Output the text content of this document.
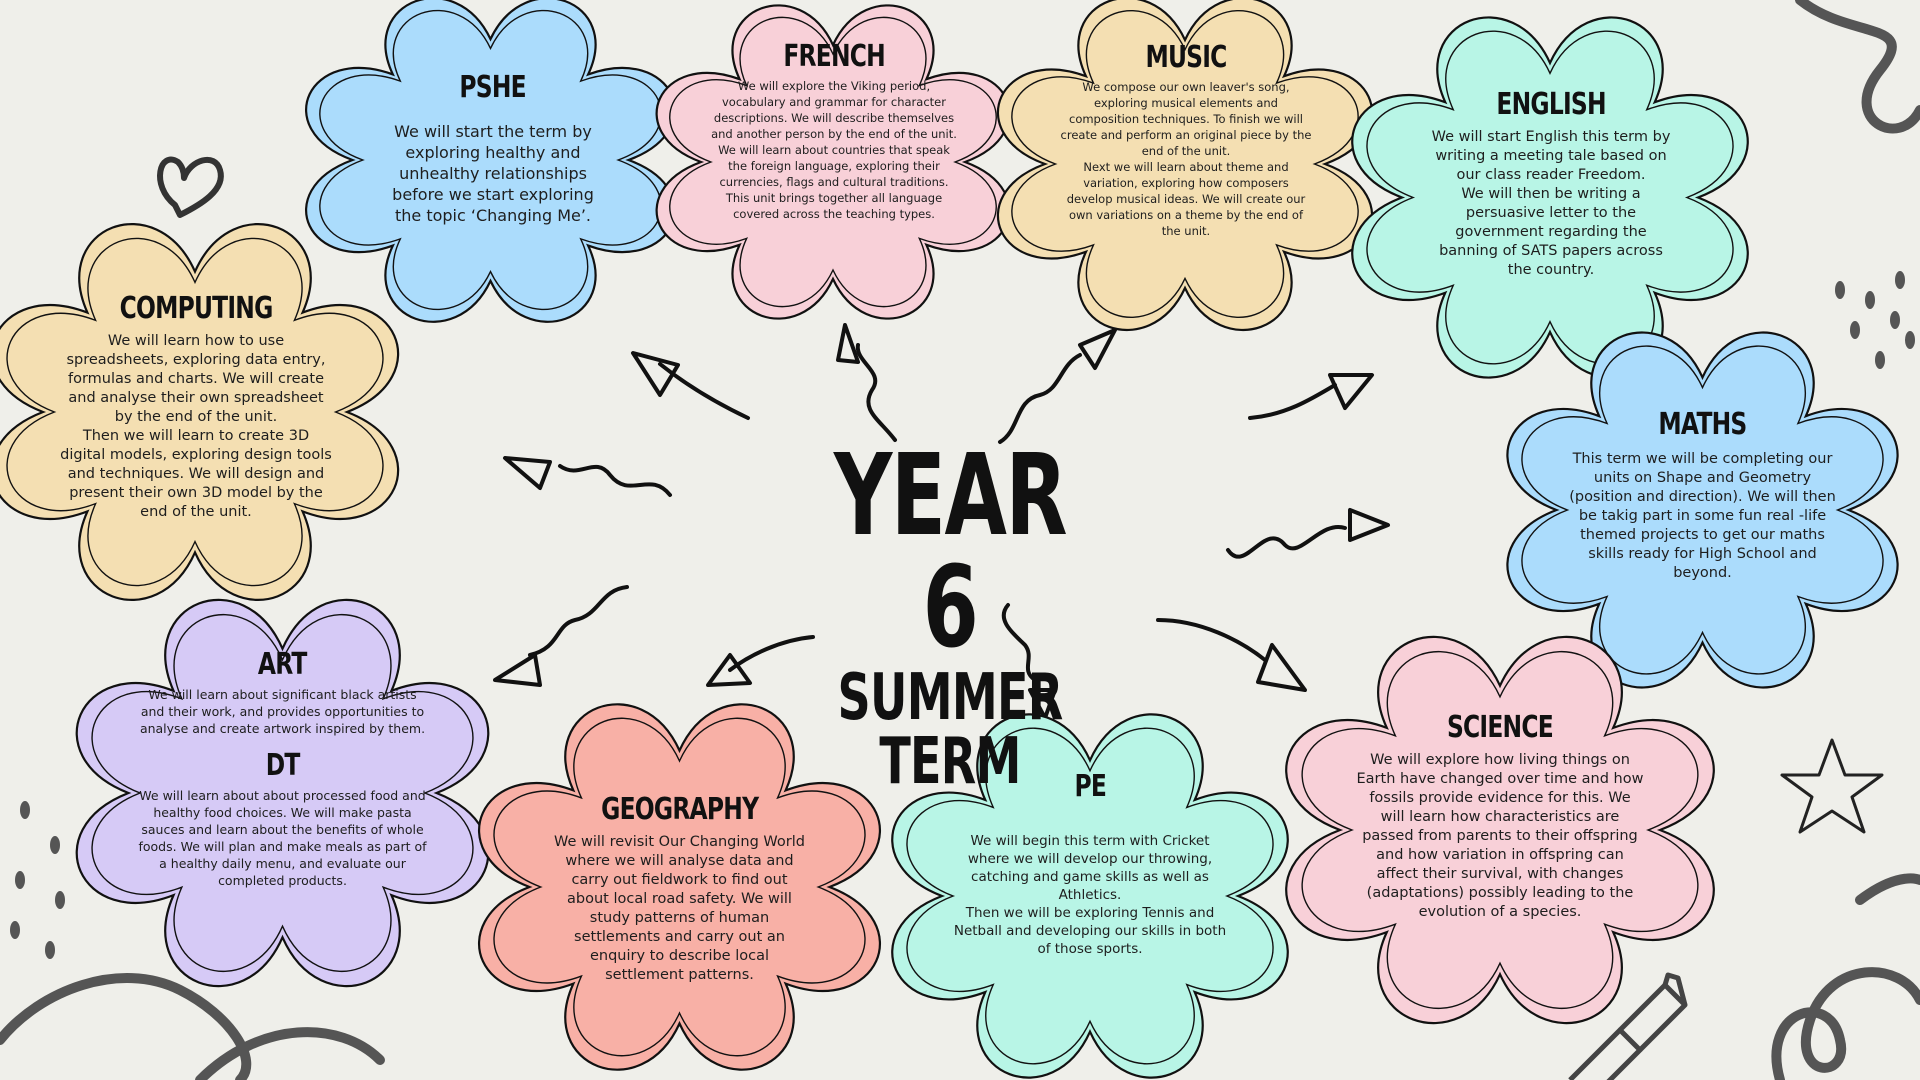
PSHE
We will start the term by
exploring healthy and
unhealthy relationships
before we start exploring
the topic ‘Changing Me’.
FRENCH
We will explore the Viking period,
vocabulary and grammar for character
descriptions. We will describe themselves
and another person by the end of the unit.
We will learn about countries that speak
the foreign language, exploring their
currencies, flags and cultural traditions.
This unit brings together all language
covered across the teaching types.
MUSIC
We compose our own leaver's song,
exploring musical elements and
composition techniques. To finish we will
create and perform an original piece by the
end of the unit.
Next we will learn about theme and
variation, exploring how composers
develop musical ideas. We will create our
own variations on a theme by the end of
the unit.
ENGLISH
We will start English this term by
writing a meeting tale based on
our class reader Freedom.
We will then be writing a
persuasive letter to the
government regarding the
banning of SATS papers across
the country.
COMPUTING
We will learn how to use
spreadsheets, exploring data entry,
formulas and charts. We will create
and analyse their own spreadsheet
by the end of the unit.
Then we will learn to create 3D
digital models, exploring design tools
and techniques. We will design and
present their own 3D model by the
end of the unit.
MATHS
This term we will be completing our
units on Shape and Geometry
(position and direction). We will then
be takig part in some fun real -life
themed projects to get our maths
skills ready for High School and
beyond.
ART
We will learn about significant black artists
and their work, and provides opportunities to
analyse and create artwork inspired by them.
DT
We will learn about about processed food and
healthy food choices. We will make pasta
sauces and learn about the benefits of whole
foods. We will plan and make meals as part of
a healthy daily menu, and evaluate our
completed products.
GEOGRAPHY
We will revisit Our Changing World
where we will analyse data and
carry out fieldwork to find out
about local road safety. We will
study patterns of human
settlements and carry out an
enquiry to describe local
settlement patterns.
PE
We will begin this term with Cricket
where we will develop our throwing,
catching and game skills as well as
Athletics.
Then we will be exploring Tennis and
Netball and developing our skills in both
of those sports.
SCIENCE
We will explore how living things on
Earth have changed over time and how
fossils provide evidence for this. We
will learn how characteristics are
passed from parents to their offspring
and how variation in offspring can
affect their survival, with changes
(adaptations) possibly leading to the
evolution of a species.
YEAR 6
SUMMER TERM
